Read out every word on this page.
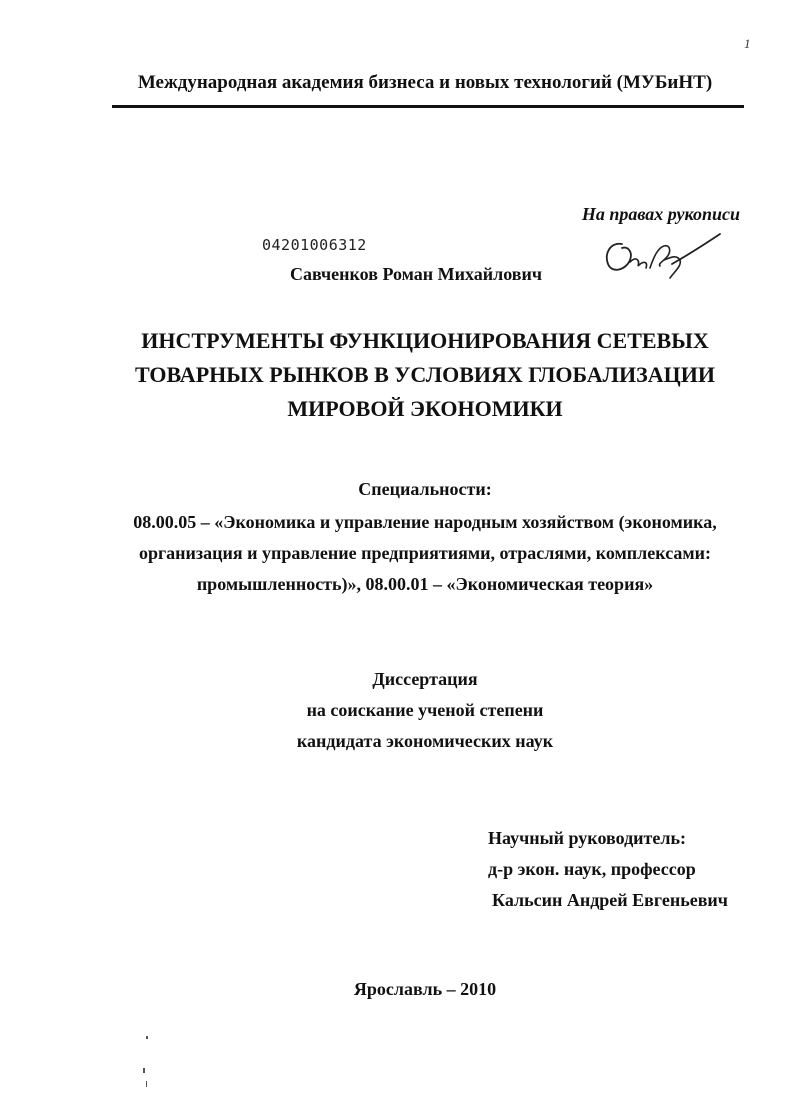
1
Международная академия бизнеса и новых технологий (МУБиНТ)
На правах рукописи
04201006312
Савченков Роман Михайлович
ИНСТРУМЕНТЫ ФУНКЦИОНИРОВАНИЯ СЕТЕВЫХ
ТОВАРНЫХ РЫНКОВ В УСЛОВИЯХ ГЛОБАЛИЗАЦИИ
МИРОВОЙ ЭКОНОМИКИ
Специальности:
08.00.05 – «Экономика и управление народным хозяйством (экономика,
организация и управление предприятиями, отраслями, комплексами:
промышленность)», 08.00.01 – «Экономическая теория»
Диссертация
на соискание ученой степени
кандидата экономических наук
Научный руководитель:
д-р экон. наук, профессор
Кальсин Андрей Евгеньевич
Ярославль – 2010
